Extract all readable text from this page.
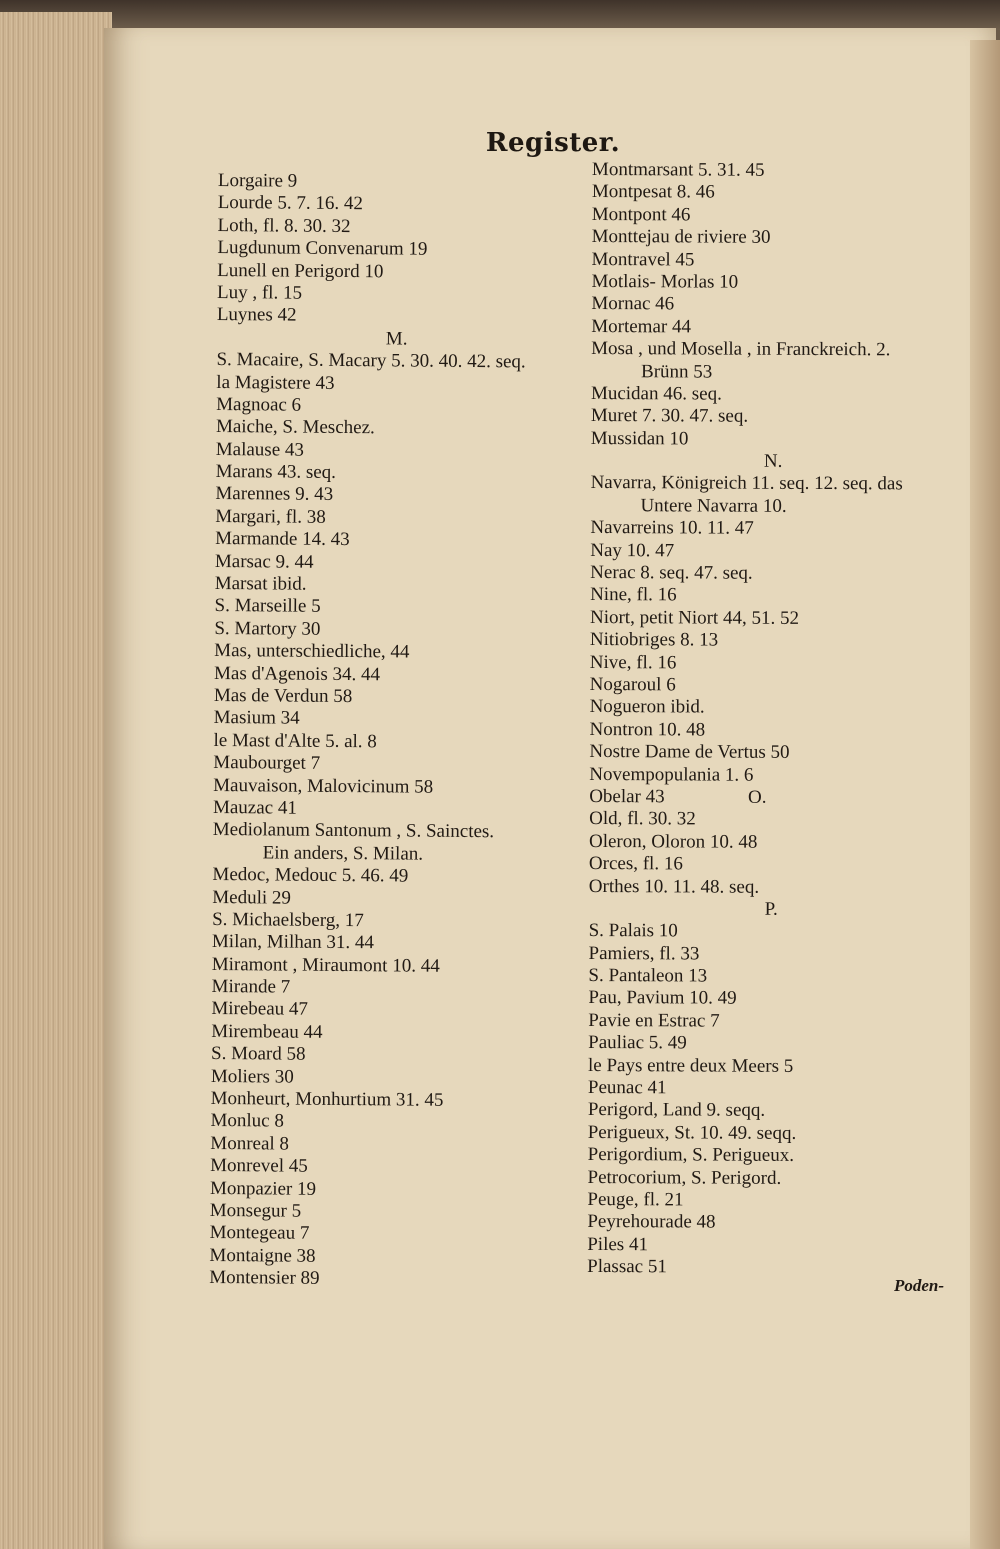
Register.
Lorgaire 9
Lourde 5. 7. 16. 42
Loth, fl. 8. 30. 32
Lugdunum Convenarum 19
Lunell en Perigord 10
Luy , fl. 15
Luynes 42
M.
S. Macaire, S. Macary 5. 30. 40. 42. seq.
la Magistere 43
Magnoac 6
Maiche, S. Meschez.
Malause 43
Marans 43. seq.
Marennes 9. 43
Margari, fl. 38
Marmande 14. 43
Marsac 9. 44
Marsat ibid.
S. Marseille 5
S. Martory 30
Mas, unterschiedliche, 44
Mas d'Agenois 34. 44
Mas de Verdun 58
Masium 34
le Mast d'Alte 5. al. 8
Maubourget 7
Mauvaison, Malovicinum 58
Mauzac 41
Mediolanum Santonum , S. Sainctes.
Ein anders, S. Milan.
Medoc, Medouc 5. 46. 49
Meduli 29
S. Michaelsberg, 17
Milan, Milhan 31. 44
Miramont , Miraumont 10. 44
Mirande 7
Mirebeau 47
Mirembeau 44
S. Moard 58
Moliers 30
Monheurt, Monhurtium 31. 45
Monluc 8
Monreal 8
Monrevel 45
Monpazier 19
Monsegur 5
Montegeau 7
Montaigne 38
Montensier 89
Montmarsant 5. 31. 45
Montpesat 8. 46
Montpont 46
Monttejau de riviere 30
Montravel 45
Motlais- Morlas 10
Mornac 46
Mortemar 44
Mosa , und Mosella , in Franckreich. 2.
Brünn 53
Mucidan 46. seq.
Muret 7. 30. 47. seq.
Mussidan 10
N.
Navarra, Königreich 11. seq. 12. seq. das
Untere Navarra 10.
Navarreins 10. 11. 47
Nay 10. 47
Nerac 8. seq. 47. seq.
Nine, fl. 16
Niort, petit Niort 44, 51. 52
Nitiobriges 8. 13
Nive, fl. 16
Nogaroul 6
Nogueron ibid.
Nontron 10. 48
Nostre Dame de Vertus 50
Novempopulania 1. 6
Obelar 43
Old, fl. 30. 32
Oleron, Oloron 10. 48
Orces, fl. 16
Orthes 10. 11. 48. seq.
P.
S. Palais 10
Pamiers, fl. 33
S. Pantaleon 13
Pau, Pavium 10. 49
Pavie en Estrac 7
Pauliac 5. 49
le Pays entre deux Meers 5
Peunac 41
Perigord, Land 9. seqq.
Perigueux, St. 10. 49. seqq.
Perigordium, S. Perigueux.
Petrocorium, S. Perigord.
Peuge, fl. 21
Peyrehourade 48
Piles 41
Plassac 51
O.
Poden-
